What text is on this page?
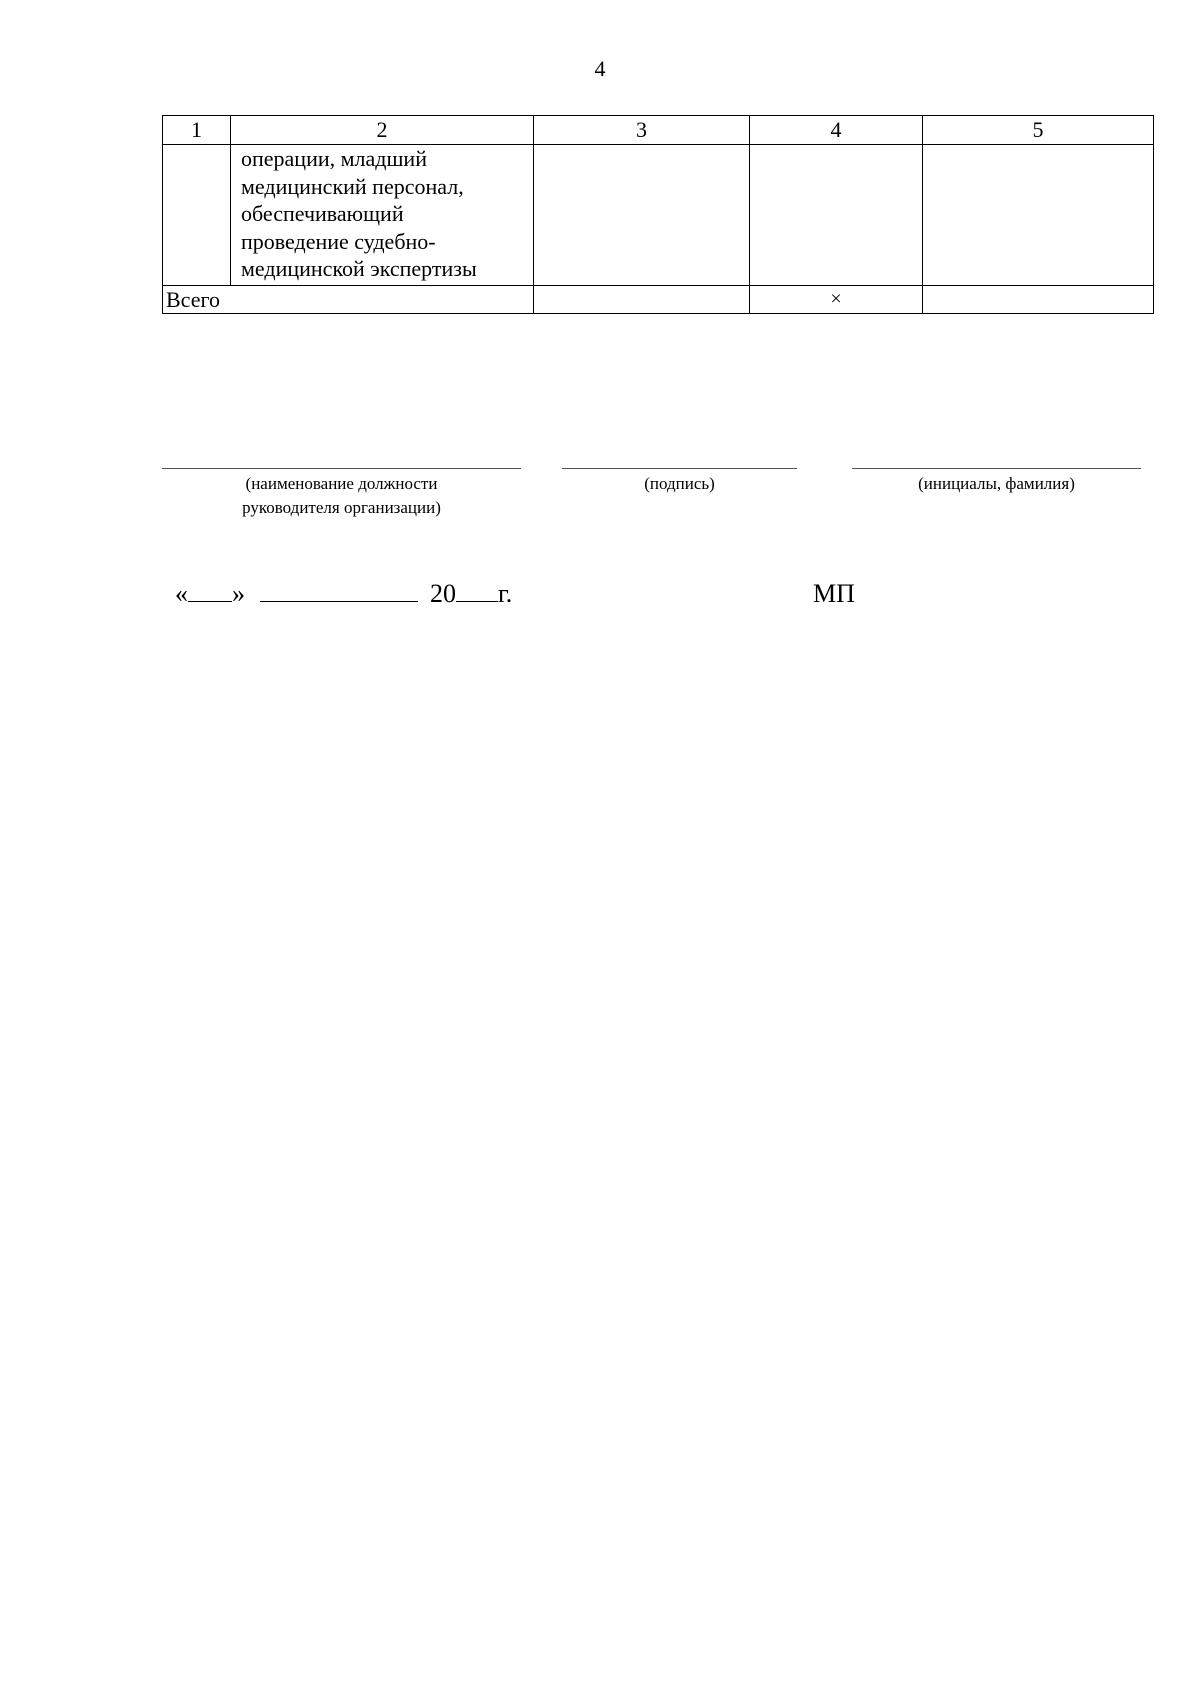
4
1	2	3	4	5

	операции, младший
медицинский персонал,
обеспечивающий
проведение судебно-
медицинской экспертизы			

Всего			×	
(наименование должности
руководителя организации)
(подпись)	(инициалы, фамилия)
« »	20 г.	МП
